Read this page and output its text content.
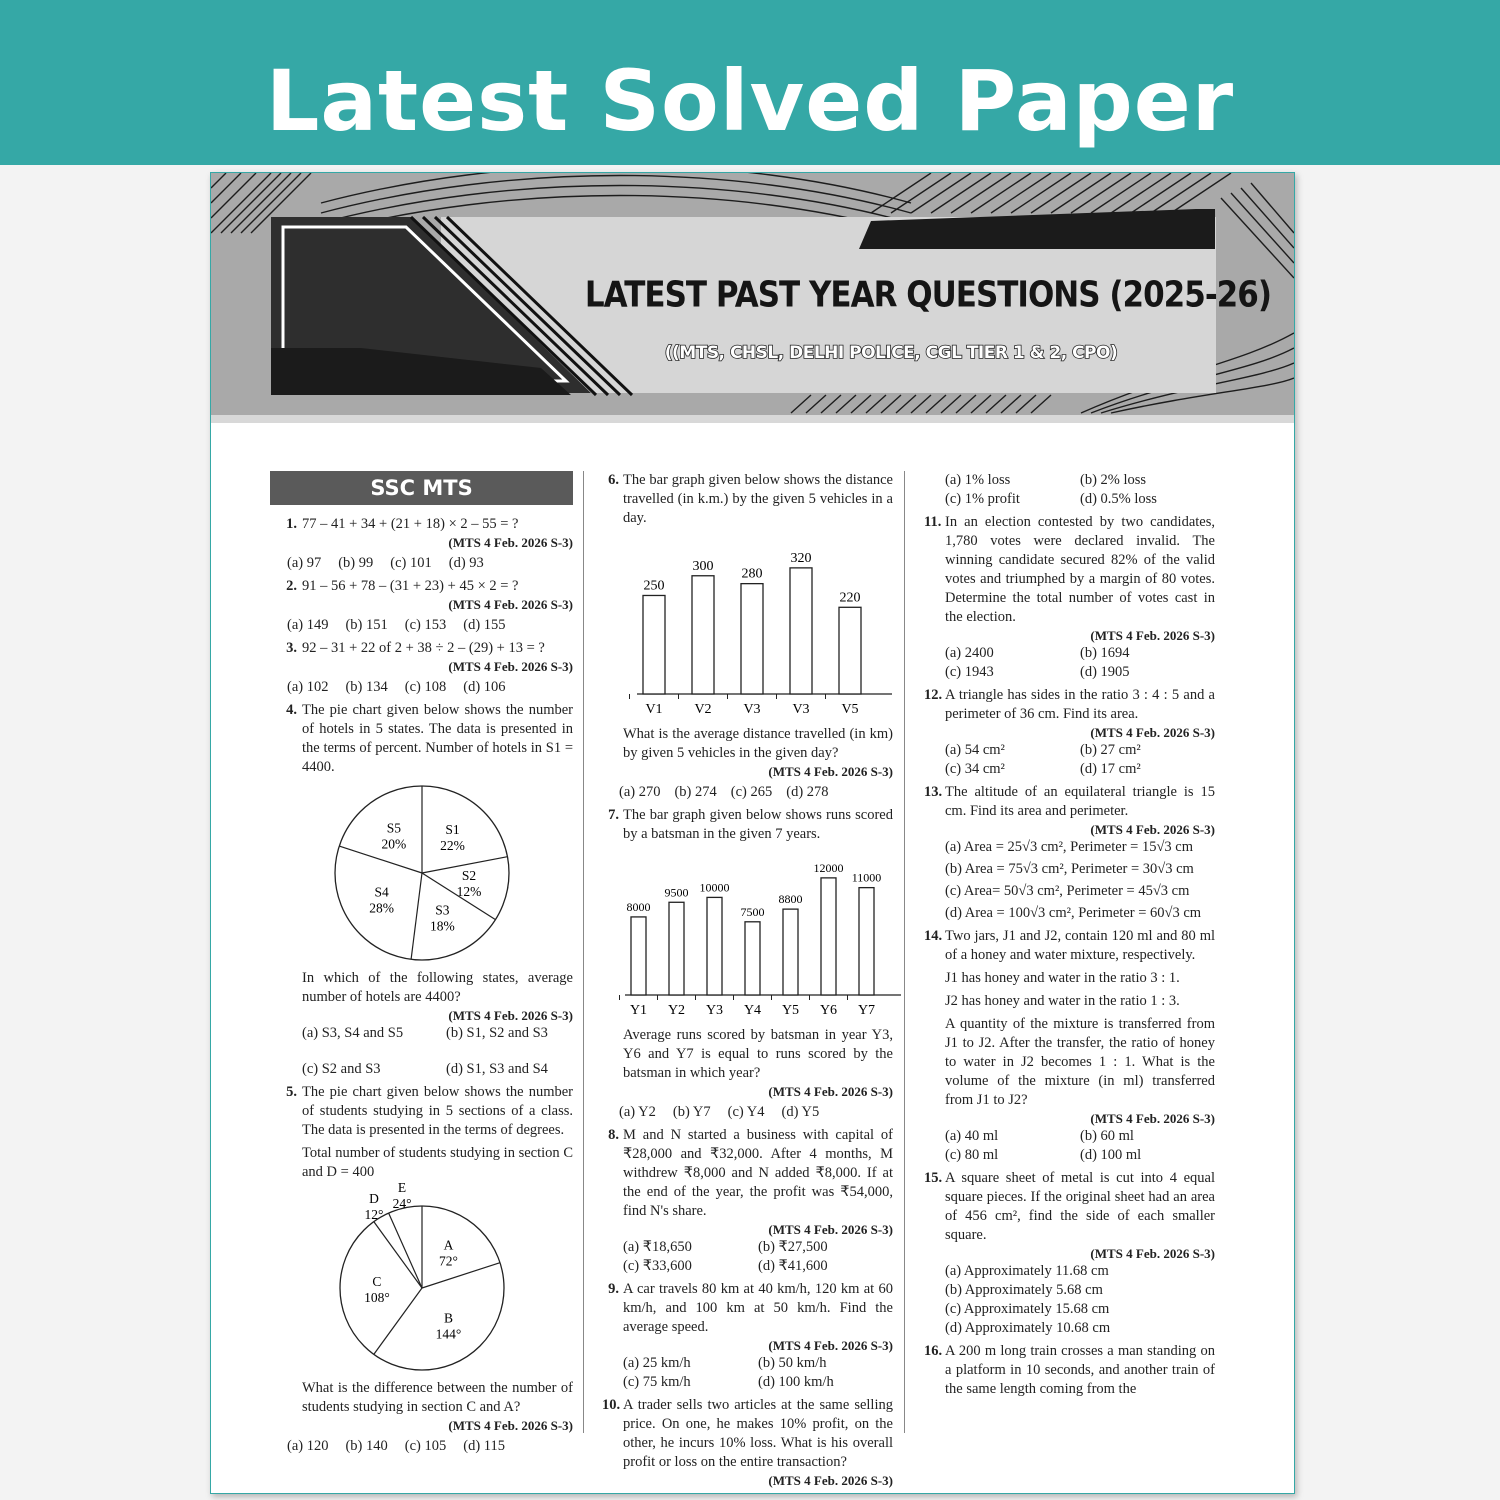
Latest Solved Paper
LATEST PAST YEAR QUESTIONS (2025-26)
((MTS, CHSL, DELHI POLICE, CGL TIER 1 & 2, CPO)
SSC MTS
1. 77 – 41 + 34 + (21 + 18) × 2 – 55 = ?
(MTS 4 Feb. 2026 S-3)
(a) 97 (b) 99 (c) 101 (d) 93
2. 91 – 56 + 78 – (31 + 23) + 45 × 2 = ?
(MTS 4 Feb. 2026 S-3)
(a) 149 (b) 151 (c) 153 (d) 155
3. 92 – 31 + 22 of 2 + 38 ÷ 2 – (29) + 13 = ?
(MTS 4 Feb. 2026 S-3)
(a) 102 (b) 134 (c) 108 (d) 106
4. The pie chart given below shows the number of hotels in 5 states. The data is presented in the terms of percent. Number of hotels in S1 = 4400.
S1
22%
S2
12%
S3
18%
S4
28%
S5
20%
In which of the following states, average number of hotels are 4400?
(MTS 4 Feb. 2026 S-3)
(a) S3, S4 and S5	(b) S1, S2 and S3
(c) S2 and S3	(d) S1, S3 and S4
5. The pie chart given below shows the number of students studying in 5 sections of a class. The data is presented in the terms of degrees.
Total number of students studying in section C and D = 400
A
72°
B
144°
C
108°
D
12°
E
24°
What is the difference between the number of students studying in section C and A?
(MTS 4 Feb. 2026 S-3)
(a) 120 (b) 140 (c) 105 (d) 115
6. The bar graph given below shows the distance travelled (in k.m.) by the given 5 vehicles in a day.
250
V1
300
V2
280
V3
320
V3
220
V5
What is the average distance travelled (in km) by given 5 vehicles in the given day?
(MTS 4 Feb. 2026 S-3)
(a) 270 (b) 274 (c) 265 (d) 278
7. The bar graph given below shows runs scored by a batsman in the given 7 years.
8000
Y1
9500
Y2
10000
Y3
7500
Y4
8800
Y5
12000
Y6
11000
Y7
Average runs scored by batsman in year Y3, Y6 and Y7 is equal to runs scored by the batsman in which year?
(MTS 4 Feb. 2026 S-3)
(a) Y2 (b) Y7 (c) Y4 (d) Y5
8. M and N started a business with capital of ₹28,000 and ₹32,000. After 4 months, M withdrew ₹8,000 and N added ₹8,000. If at the end of the year, the profit was ₹54,000, find N's share.
(MTS 4 Feb. 2026 S-3)
(a) ₹18,650	(b) ₹27,500
(c) ₹33,600	(d) ₹41,600
9. A car travels 80 km at 40 km/h, 120 km at 60 km/h, and 100 km at 50 km/h. Find the average speed.
(MTS 4 Feb. 2026 S-3)
(a) 25 km/h	(b) 50 km/h
(c) 75 km/h	(d) 100 km/h
10. A trader sells two articles at the same selling price. On one, he makes 10% profit, on the other, he incurs 10% loss. What is his overall profit or loss on the entire transaction?
(MTS 4 Feb. 2026 S-3)
(a) 1% loss	(b) 2% loss
(c) 1% profit	(d) 0.5% loss
11. In an election contested by two candidates, 1,780 votes were declared invalid. The winning candidate secured 82% of the valid votes and triumphed by a margin of 80 votes. Determine the total number of votes cast in the election.
(MTS 4 Feb. 2026 S-3)
(a) 2400	(b) 1694
(c) 1943	(d) 1905
12. A triangle has sides in the ratio 3 : 4 : 5 and a perimeter of 36 cm. Find its area.
(MTS 4 Feb. 2026 S-3)
(a) 54 cm²	(b) 27 cm²
(c) 34 cm²	(d) 17 cm²
13. The altitude of an equilateral triangle is 15 cm. Find its area and perimeter.
(MTS 4 Feb. 2026 S-3)
(a) Area = 25√3 cm², Perimeter = 15√3 cm
(b) Area = 75√3 cm², Perimeter = 30√3 cm
(c) Area= 50√3 cm², Perimeter = 45√3 cm
(d) Area = 100√3 cm², Perimeter = 60√3 cm
14. Two jars, J1 and J2, contain 120 ml and 80 ml of a honey and water mixture, respectively.
J1 has honey and water in the ratio 3 : 1.
J2 has honey and water in the ratio 1 : 3.
A quantity of the mixture is transferred from J1 to J2. After the transfer, the ratio of honey to water in J2 becomes 1 : 1. What is the volume of the mixture (in ml) transferred from J1 to J2?
(MTS 4 Feb. 2026 S-3)
(a) 40 ml	(b) 60 ml
(c) 80 ml	(d) 100 ml
15. A square sheet of metal is cut into 4 equal square pieces. If the original sheet had an area of 456 cm², find the side of each smaller square.
(MTS 4 Feb. 2026 S-3)
(a) Approximately 11.68 cm
(b) Approximately 5.68 cm
(c) Approximately 15.68 cm
(d) Approximately 10.68 cm
16. A 200 m long train crosses a man standing on a platform in 10 seconds, and another train of the same length coming from the
